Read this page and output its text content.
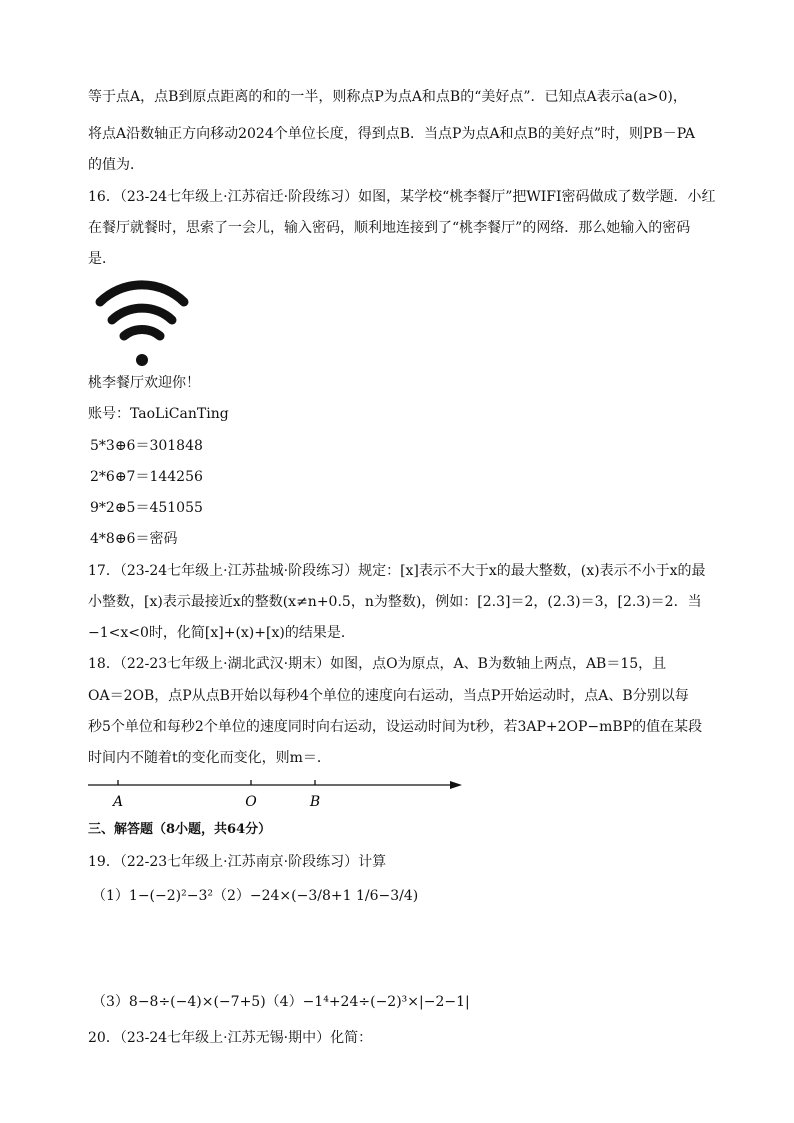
等于点A，点B到原点距离的和的一半，则称点P为点A和点B的“美好点”．已知点A表示a(a>0)，
将点A沿数轴正方向移动2024个单位长度，得到点B．当点P为点A和点B的美好点”时，则PB－PA
的值为．
16．（23-24七年级上·江苏宿迁·阶段练习）如图，某学校“桃李餐厅”把WIFI密码做成了数学题．小红
在餐厅就餐时，思索了一会儿，输入密码，顺利地连接到了“桃李餐厅”的网络．那么她输入的密码
是．
桃李餐厅欢迎你！
账号：TaoLiCanTing
5*3⊕6＝301848
2*6⊕7＝144256
9*2⊕5＝451055
4*8⊕6＝密码
17．（23-24七年级上·江苏盐城·阶段练习）规定：[x]表示不大于x的最大整数，(x)表示不小于x的最
小整数，[x)表示最接近x的整数(x≠n+0.5，n为整数)，例如：[2.3]＝2，(2.3)＝3，[2.3)＝2．当
−1<x<0时，化简[x]+(x)+[x)的结果是．
18．（22-23七年级上·湖北武汉·期末）如图，点O为原点，A、B为数轴上两点，AB＝15，且
OA＝2OB，点P从点B开始以每秒4个单位的速度向右运动，当点P开始运动时，点A、B分别以每
秒5个单位和每秒2个单位的速度同时向右运动，设运动时间为t秒，若3AP+2OP−mBP的值在某段
时间内不随着t的变化而变化，则m＝．
A	O	B
三、解答题（8小题，共64分）
19．（22-23七年级上·江苏南京·阶段练习）计算
（1）1−(−2)²−3²（2）−24×(−3/8+1 1/6−3/4)
（3）8−8÷(−4)×(−7+5)（4）−1⁴+24÷(−2)³×|−2−1|
20．（23-24七年级上·江苏无锡·期中）化简：
